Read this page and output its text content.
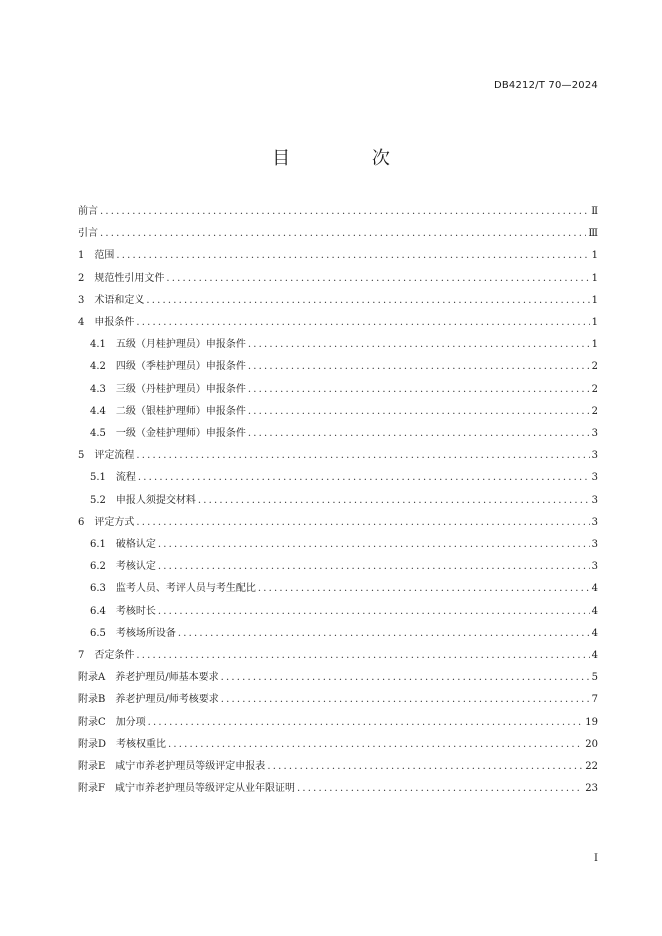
DB4212/T 70—2024
目 次
前言 .....	Ⅱ
引言 .....	Ⅲ
1　范围 .....	1
2　规范性引用文件 .....	1
3　术语和定义 .....	1
4　申报条件 .....	1
4.1　五级（月桂护理员）申报条件 .....	1
4.2　四级（季桂护理员）申报条件 .....	2
4.3　三级（丹桂护理员）申报条件 .....	2
4.4　二级（银桂护理师）申报条件 .....	2
4.5　一级（金桂护理师）申报条件 .....	3
5　评定流程 .....	3
5.1　流程 .....	3
5.2　申报人须提交材料 .....	3
6　评定方式 .....	3
6.1　破格认定 .....	3
6.2　考核认定 .....	3
6.3　监考人员、考评人员与考生配比 .....	4
6.4　考核时长 .....	4
6.5　考核场所设备 .....	4
7　否定条件 .....	4
附录A　养老护理员/师基本要求 .....	5
附录B　养老护理员/师考核要求 .....	7
附录C　加分项 .....	19
附录D　考核权重比 .....	20
附录E　咸宁市养老护理员等级评定申报表 .....	22
附录F　咸宁市养老护理员等级评定从业年限证明 .....	23
I
